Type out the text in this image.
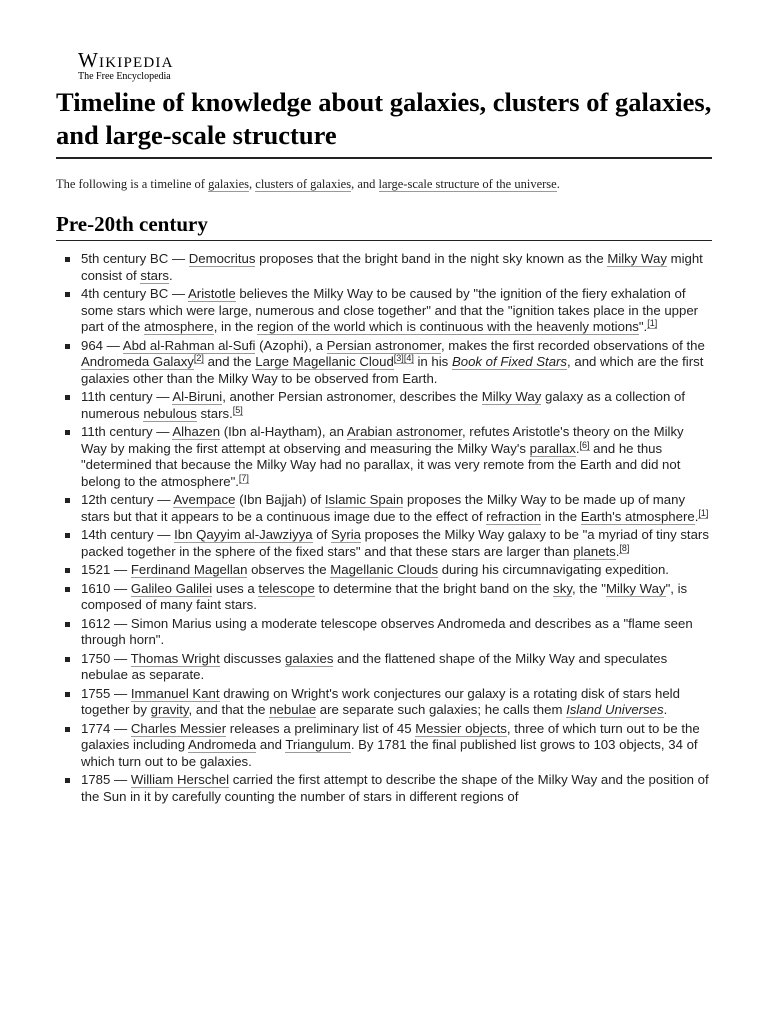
Wikipedia
The Free Encyclopedia
Timeline of knowledge about galaxies, clusters of galaxies, and large-scale structure

The following is a timeline of galaxies, clusters of galaxies, and large-scale structure of the universe.

Pre-20th century
5th century BC — Democritus proposes that the bright band in the night sky known as the Milky Way might consist of stars.
4th century BC — Aristotle believes the Milky Way to be caused by "the ignition of the fiery exhalation of some stars which were large, numerous and close together" and that the "ignition takes place in the upper part of the atmosphere, in the region of the world which is continuous with the heavenly motions".[1]
964 — Abd al-Rahman al-Sufi (Azophi), a Persian astronomer, makes the first recorded observations of the Andromeda Galaxy[2] and the Large Magellanic Cloud[3][4] in his Book of Fixed Stars, and which are the first galaxies other than the Milky Way to be observed from Earth.
11th century — Al-Biruni, another Persian astronomer, describes the Milky Way galaxy as a collection of numerous nebulous stars.[5]
11th century — Alhazen (Ibn al-Haytham), an Arabian astronomer, refutes Aristotle's theory on the Milky Way by making the first attempt at observing and measuring the Milky Way's parallax.[6] and he thus "determined that because the Milky Way had no parallax, it was very remote from the Earth and did not belong to the atmosphere".[7]
12th century — Avempace (Ibn Bajjah) of Islamic Spain proposes the Milky Way to be made up of many stars but that it appears to be a continuous image due to the effect of refraction in the Earth's atmosphere.[1]
14th century — Ibn Qayyim al-Jawziyya of Syria proposes the Milky Way galaxy to be "a myriad of tiny stars packed together in the sphere of the fixed stars" and that these stars are larger than planets.[8]
1521 — Ferdinand Magellan observes the Magellanic Clouds during his circumnavigating expedition.
1610 — Galileo Galilei uses a telescope to determine that the bright band on the sky, the "Milky Way", is composed of many faint stars.
1612 — Simon Marius using a moderate telescope observes Andromeda and describes as a "flame seen through horn".
1750 — Thomas Wright discusses galaxies and the flattened shape of the Milky Way and speculates nebulae as separate.
1755 — Immanuel Kant drawing on Wright's work conjectures our galaxy is a rotating disk of stars held together by gravity, and that the nebulae are separate such galaxies; he calls them Island Universes.
1774 — Charles Messier releases a preliminary list of 45 Messier objects, three of which turn out to be the galaxies including Andromeda and Triangulum. By 1781 the final published list grows to 103 objects, 34 of which turn out to be galaxies.
1785 — William Herschel carried the first attempt to describe the shape of the Milky Way and the position of the Sun in it by carefully counting the number of stars in different regions of
